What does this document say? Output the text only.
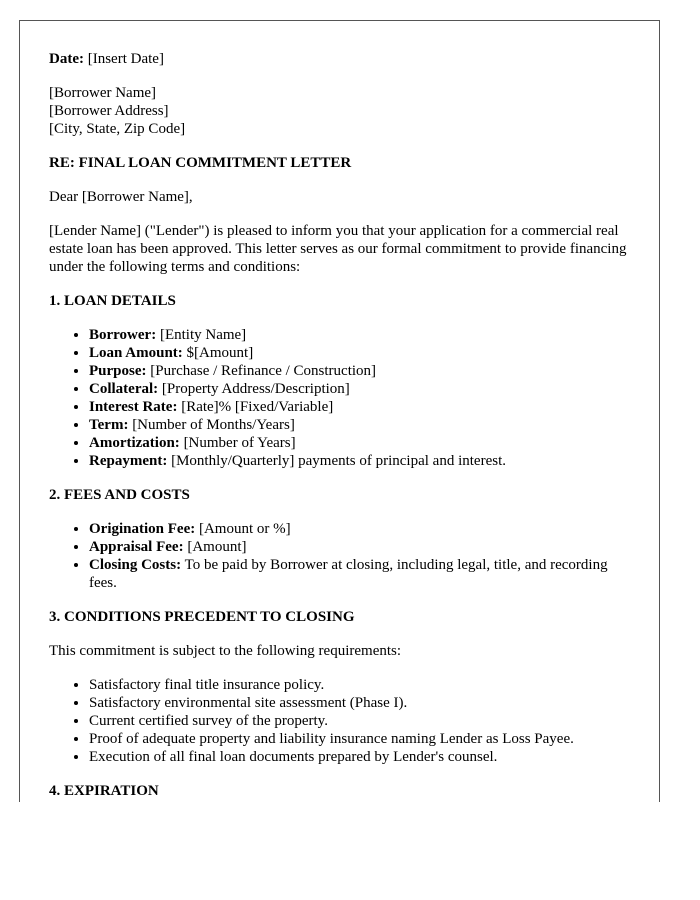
Date: [Insert Date]

[Borrower Name]
[Borrower Address]
[City, State, Zip Code]

RE: FINAL LOAN COMMITMENT LETTER

Dear [Borrower Name],

[Lender Name] ("Lender") is pleased to inform you that your application for a commercial real estate loan has been approved. This letter serves as our formal commitment to provide financing under the following terms and conditions:

1. LOAN DETAILS
• Borrower: [Entity Name]
• Loan Amount: $[Amount]
• Purpose: [Purchase / Refinance / Construction]
• Collateral: [Property Address/Description]
• Interest Rate: [Rate]% [Fixed/Variable]
• Term: [Number of Months/Years]
• Amortization: [Number of Years]
• Repayment: [Monthly/Quarterly] payments of principal and interest.
2. FEES AND COSTS
• Origination Fee: [Amount or %]
• Appraisal Fee: [Amount]
• Closing Costs: To be paid by Borrower at closing, including legal, title, and recording fees.
3. CONDITIONS PRECEDENT TO CLOSING

This commitment is subject to the following requirements:

• Satisfactory final title insurance policy.
• Satisfactory environmental site assessment (Phase I).
• Current certified survey of the property.
• Proof of adequate property and liability insurance naming Lender as Loss Payee.
• Execution of all final loan documents prepared by Lender's counsel.
4. EXPIRATION
